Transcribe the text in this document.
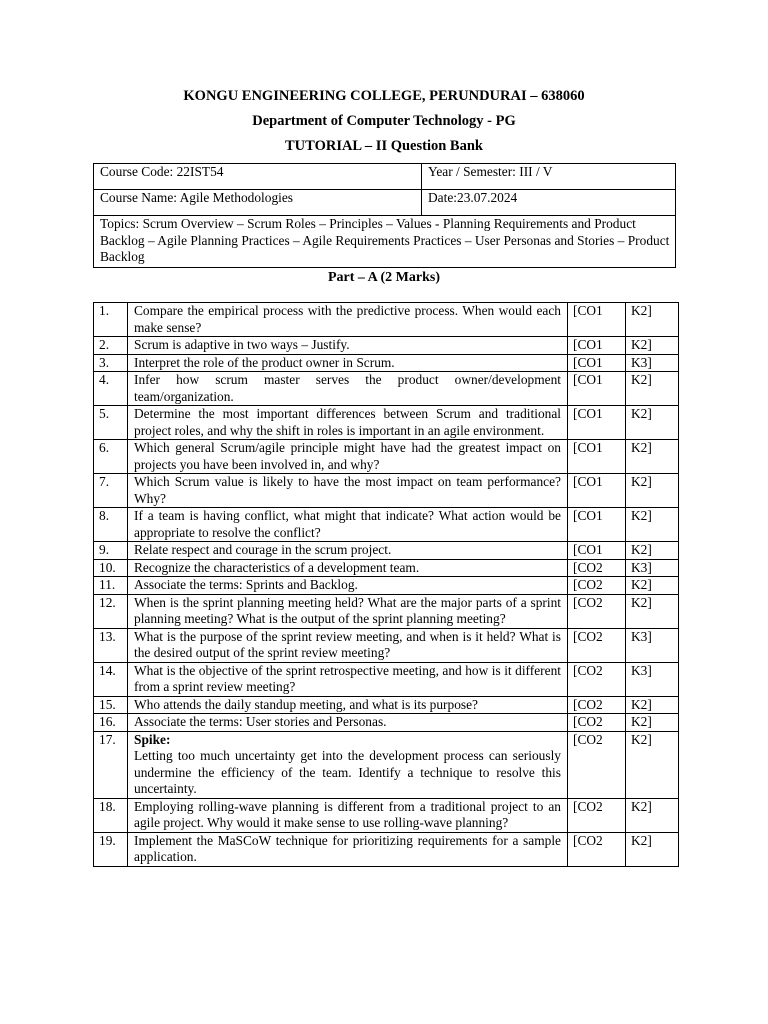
KONGU ENGINEERING COLLEGE, PERUNDURAI – 638060
Department of Computer Technology - PG
TUTORIAL – II Question Bank
Course Code: 22IST54	Year / Semester: III / V
Course Name: Agile Methodologies	Date:23.07.2024
Topics: Scrum Overview – Scrum Roles – Principles – Values - Planning Requirements and Product Backlog – Agile Planning Practices – Agile Requirements Practices – User Personas and Stories – Product Backlog	
Part – A (2 Marks)
1.	Compare the empirical process with the predictive process. When would each make sense?	[CO1	K2]
2.	Scrum is adaptive in two ways – Justify.	[CO1	K2]
3.	Interpret the role of the product owner in Scrum.	[CO1	K3]
4.	Infer how scrum master serves the product owner/development team/organization.	[CO1	K2]
5.	Determine the most important differences between Scrum and traditional project roles, and why the shift in roles is important in an agile environment.	[CO1	K2]
6.	Which general Scrum/agile principle might have had the greatest impact on projects you have been involved in, and why?	[CO1	K2]
7.	Which Scrum value is likely to have the most impact on team performance? Why?	[CO1	K2]
8.	If a team is having conflict, what might that indicate? What action would be appropriate to resolve the conflict?	[CO1	K2]
9.	Relate respect and courage in the scrum project.	[CO1	K2]
10.	Recognize the characteristics of a development team.	[CO2	K3]
11.	Associate the terms: Sprints and Backlog.	[CO2	K2]
12.	When is the sprint planning meeting held? What are the major parts of a sprint planning meeting? What is the output of the sprint planning meeting?	[CO2	K2]
13.	What is the purpose of the sprint review meeting, and when is it held? What is the desired output of the sprint review meeting?	[CO2	K3]
14.	What is the objective of the sprint retrospective meeting, and how is it different from a sprint review meeting?	[CO2	K3]
15.	Who attends the daily standup meeting, and what is its purpose?	[CO2	K2]
16.	Associate the terms: User stories and Personas.	[CO2	K2]
17.	Spike:
Letting too much uncertainty get into the development process can seriously undermine the efficiency of the team. Identify a technique to resolve this uncertainty.	[CO2	K2]
18.	Employing rolling-wave planning is different from a traditional project to an agile project. Why would it make sense to use rolling-wave planning?	[CO2	K2]
19.	Implement the MaSCoW technique for prioritizing requirements for a sample application.	[CO2	K2]
